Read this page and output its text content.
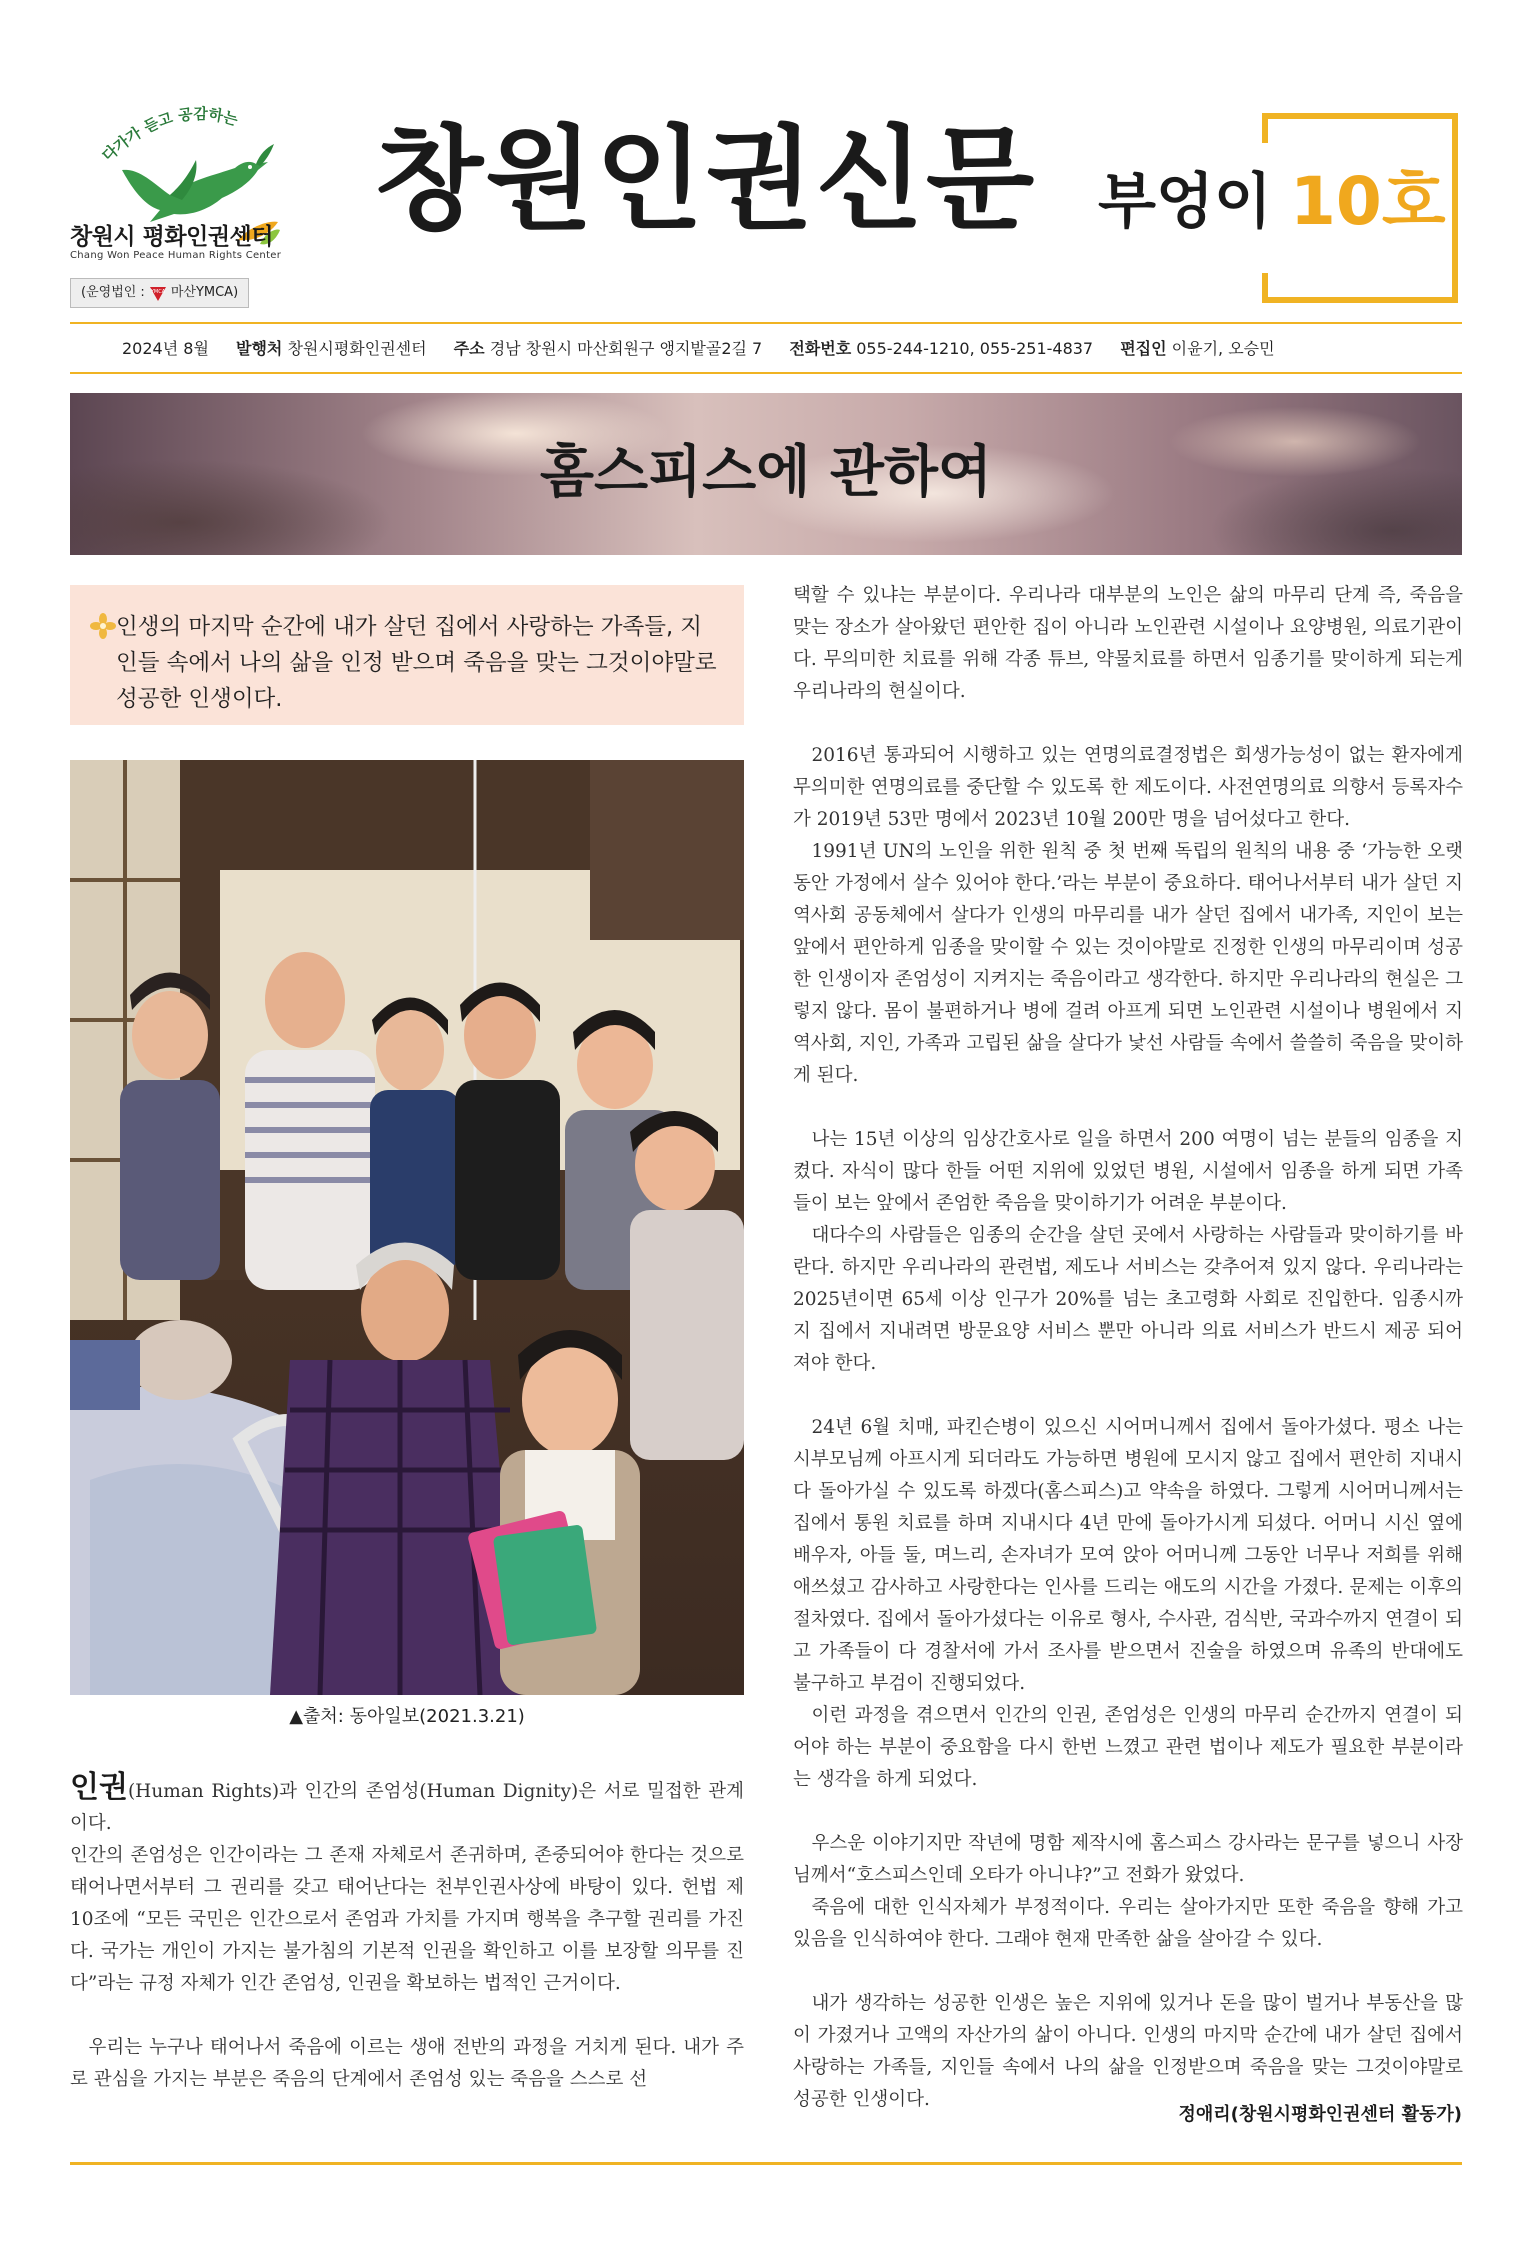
다가가 듣고 공감하는
창원시 평화인권센터
Chang Won Peace Human Rights Center
(운영법인 : YMCA 마산YMCA)
창원인권신문 부엉이 10호
2024년 8월 발행처 창원시평화인권센터 주소 경남 창원시 마산회원구 앵지밭골2길 7 전화번호 055-244-1210, 055-251-4837 편집인 이윤기, 오승민
홈스피스에 관하여
인생의 마지막 순간에 내가 살던 집에서 사랑하는 가족들, 지인들 속에서 나의 삶을 인정 받으며 죽음을 맞는 그것이야말로 성공한 인생이다.
▲출처: 동아일보(2021.3.21)

인권(Human Rights)과 인간의 존엄성(Human Dignity)은 서로 밀접한 관계이다.

인간의 존엄성은 인간이라는 그 존재 자체로서 존귀하며, 존중되어야 한다는 것으로 태어나면서부터 그 권리를 갖고 태어난다는 천부인권사상에 바탕이 있다. 헌법 제 10조에 “모든 국민은 인간으로서 존엄과 가치를 가지며 행복을 추구할 권리를 가진다. 국가는 개인이 가지는 불가침의 기본적 인권을 확인하고 이를 보장할 의무를 진다”라는 규정 자체가 인간 존엄성, 인권을 확보하는 법적인 근거이다.

우리는 누구나 태어나서 죽음에 이르는 생애 전반의 과정을 거치게 된다. 내가 주로 관심을 가지는 부분은 죽음의 단계에서 존엄성 있는 죽음을 스스로 선

택할 수 있냐는 부분이다. 우리나라 대부분의 노인은 삶의 마무리 단계 즉, 죽음을 맞는 장소가 살아왔던 편안한 집이 아니라 노인관련 시설이나 요양병원, 의료기관이다. 무의미한 치료를 위해 각종 튜브, 약물치료를 하면서 임종기를 맞이하게 되는게 우리나라의 현실이다.

2016년 통과되어 시행하고 있는 연명의료결정법은 회생가능성이 없는 환자에게 무의미한 연명의료를 중단할 수 있도록 한 제도이다. 사전연명의료 의향서 등록자수가 2019년 53만 명에서 2023년 10월 200만 명을 넘어섰다고 한다.

1991년 UN의 노인을 위한 원칙 중 첫 번째 독립의 원칙의 내용 중 ‘가능한 오랫동안 가정에서 살수 있어야 한다.’라는 부분이 중요하다. 태어나서부터 내가 살던 지역사회 공동체에서 살다가 인생의 마무리를 내가 살던 집에서 내가족, 지인이 보는 앞에서 편안하게 임종을 맞이할 수 있는 것이야말로 진정한 인생의 마무리이며 성공한 인생이자 존엄성이 지켜지는 죽음이라고 생각한다. 하지만 우리나라의 현실은 그렇지 않다. 몸이 불편하거나 병에 걸려 아프게 되면 노인관련 시설이나 병원에서 지역사회, 지인, 가족과 고립된 삶을 살다가 낯선 사람들 속에서 쓸쓸히 죽음을 맞이하게 된다.

나는 15년 이상의 임상간호사로 일을 하면서 200 여명이 넘는 분들의 임종을 지켰다. 자식이 많다 한들 어떤 지위에 있었던 병원, 시설에서 임종을 하게 되면 가족들이 보는 앞에서 존엄한 죽음을 맞이하기가 어려운 부분이다.

대다수의 사람들은 임종의 순간을 살던 곳에서 사랑하는 사람들과 맞이하기를 바란다. 하지만 우리나라의 관련법, 제도나 서비스는 갖추어져 있지 않다. 우리나라는 2025년이면 65세 이상 인구가 20%를 넘는 초고령화 사회로 진입한다. 임종시까지 집에서 지내려면 방문요양 서비스 뿐만 아니라 의료 서비스가 반드시 제공 되어져야 한다.

24년 6월 치매, 파킨슨병이 있으신 시어머니께서 집에서 돌아가셨다. 평소 나는 시부모님께 아프시게 되더라도 가능하면 병원에 모시지 않고 집에서 편안히 지내시다 돌아가실 수 있도록 하겠다(홈스피스)고 약속을 하였다. 그렇게 시어머니께서는 집에서 통원 치료를 하며 지내시다 4년 만에 돌아가시게 되셨다. 어머니 시신 옆에 배우자, 아들 둘, 며느리, 손자녀가 모여 앉아 어머니께 그동안 너무나 저희를 위해 애쓰셨고 감사하고 사랑한다는 인사를 드리는 애도의 시간을 가졌다. 문제는 이후의 절차였다. 집에서 돌아가셨다는 이유로 형사, 수사관, 검식반, 국과수까지 연결이 되고 가족들이 다 경찰서에 가서 조사를 받으면서 진술을 하였으며 유족의 반대에도 불구하고 부검이 진행되었다.

이런 과정을 겪으면서 인간의 인권, 존엄성은 인생의 마무리 순간까지 연결이 되어야 하는 부분이 중요함을 다시 한번 느꼈고 관련 법이나 제도가 필요한 부분이라는 생각을 하게 되었다.

우스운 이야기지만 작년에 명함 제작시에 홈스피스 강사라는 문구를 넣으니 사장님께서“호스피스인데 오타가 아니냐?”고 전화가 왔었다.

죽음에 대한 인식자체가 부정적이다. 우리는 살아가지만 또한 죽음을 향해 가고 있음을 인식하여야 한다. 그래야 현재 만족한 삶을 살아갈 수 있다.

내가 생각하는 성공한 인생은 높은 지위에 있거나 돈을 많이 벌거나 부동산을 많이 가졌거나 고액의 자산가의 삶이 아니다. 인생의 마지막 순간에 내가 살던 집에서 사랑하는 가족들, 지인들 속에서 나의 삶을 인정받으며 죽음을 맞는 그것이야말로 성공한 인생이다.

정애리(창원시평화인권센터 활동가)
